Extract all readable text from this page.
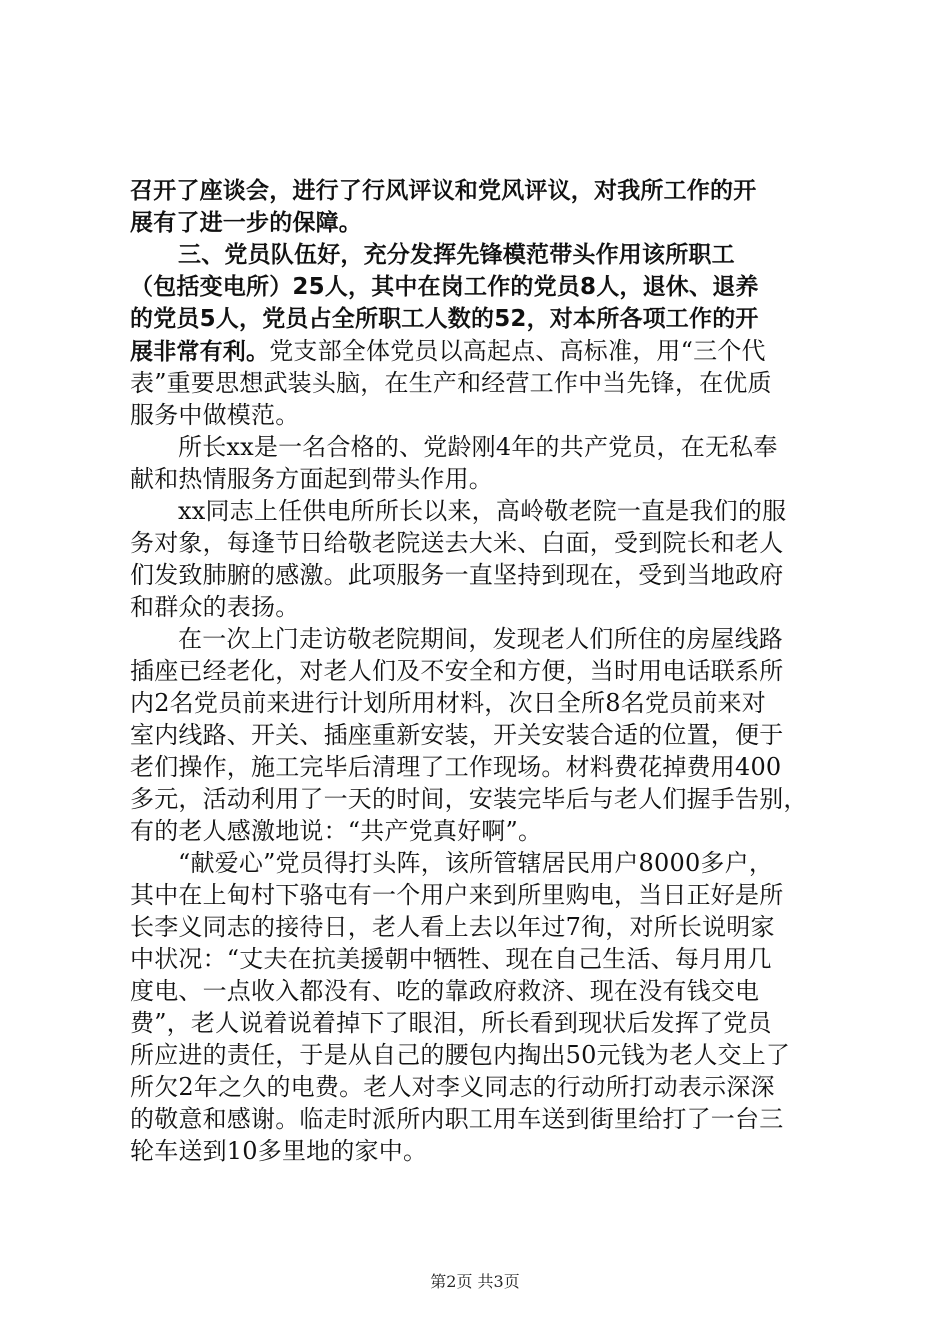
召开了座谈会，进行了行风评议和党风评议，对我所工作的开
展有了进一步的保障。
三、党员队伍好，充分发挥先锋模范带头作用该所职工
（包括变电所）25人，其中在岗工作的党员8人，退休、退养
的党员5人，党员占全所职工人数的52，对本所各项工作的开
展非常有利。党支部全体党员以高起点、高标准，用“三个代
表”重要思想武装头脑，在生产和经营工作中当先锋，在优质
服务中做模范。
所长xx是一名合格的、党龄刚4年的共产党员，在无私奉
献和热情服务方面起到带头作用。
xx同志上任供电所所长以来，高岭敬老院一直是我们的服
务对象，每逢节日给敬老院送去大米、白面，受到院长和老人
们发致肺腑的感激。此项服务一直坚持到现在，受到当地政府
和群众的表扬。
在一次上门走访敬老院期间，发现老人们所住的房屋线路
插座已经老化，对老人们及不安全和方便，当时用电话联系所
内2名党员前来进行计划所用材料，次日全所8名党员前来对
室内线路、开关、插座重新安装，开关安装合适的位置，便于
老们操作，施工完毕后清理了工作现场。材料费花掉费用400
多元，活动利用了一天的时间，安装完毕后与老人们握手告别，
有的老人感激地说：“共产党真好啊”。
“献爱心”党员得打头阵，该所管辖居民用户8000多户，
其中在上甸村下骆屯有一个用户来到所里购电，当日正好是所
长李义同志的接待日，老人看上去以年过7徇，对所长说明家
中状况：“丈夫在抗美援朝中牺牲、现在自己生活、每月用几
度电、一点收入都没有、吃的靠政府救济、现在没有钱交电
费”，老人说着说着掉下了眼泪，所长看到现状后发挥了党员
所应进的责任，于是从自己的腰包内掏出50元钱为老人交上了
所欠2年之久的电费。老人对李义同志的行动所打动表示深深
的敬意和感谢。临走时派所内职工用车送到街里给打了一台三
轮车送到10多里地的家中。
第2页 共3页
